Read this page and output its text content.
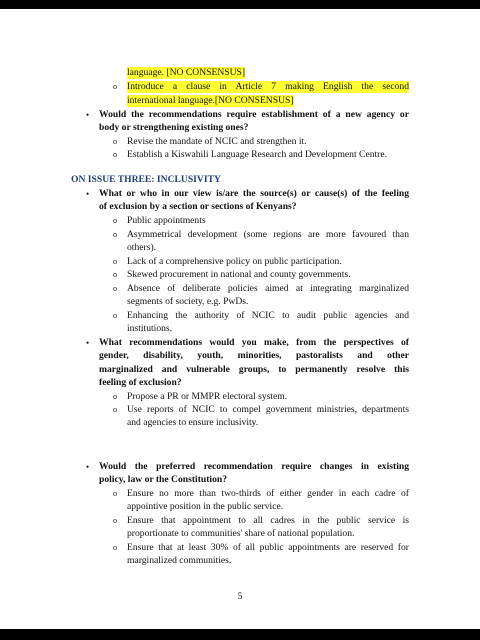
language. [NO CONSENSUS]
o Introduce a clause in Article 7 making English the second
international language.[NO CONSENSUS]
• Would the recommendations require establishment of a new agency or
body or strengthening existing ones?
o Revise the mandate of NCIC and strengthen it.
o Establish a Kiswahili Language Research and Development Centre.
ON ISSUE THREE: INCLUSIVITY
• What or who in our view is/are the source(s) or cause(s) of the feeling
of exclusion by a section or sections of Kenyans?
o Public appointments
o Asymmetrical development (some regions are more favoured than
others).
o Lack of a comprehensive policy on public participation.
o Skewed procurement in national and county governments.
o Absence of deliberate policies aimed at integrating marginalized
segments of society, e.g. PwDs.
o Enhancing the authority of NCIC to audit public agencies and
institutions.
• What recommendations would you make, from the perspectives of
gender, disability, youth, minorities, pastoralists and other
marginalized and vulnerable groups, to permanently resolve this
feeling of exclusion?
o Propose a PR or MMPR electoral system.
o Use reports of NCIC to compel government ministries, departments
and agencies to ensure inclusivity.
• Would the preferred recommendation require changes in existing
policy, law or the Constitution?
o Ensure no more than two-thirds of either gender in each cadre of
appointive position in the public service.
o Ensure that appointment to all cadres in the public service is
proportionate to communities' share of national population.
o Ensure that at least 30% of all public appointments are reserved for
marginalized communities.
5
